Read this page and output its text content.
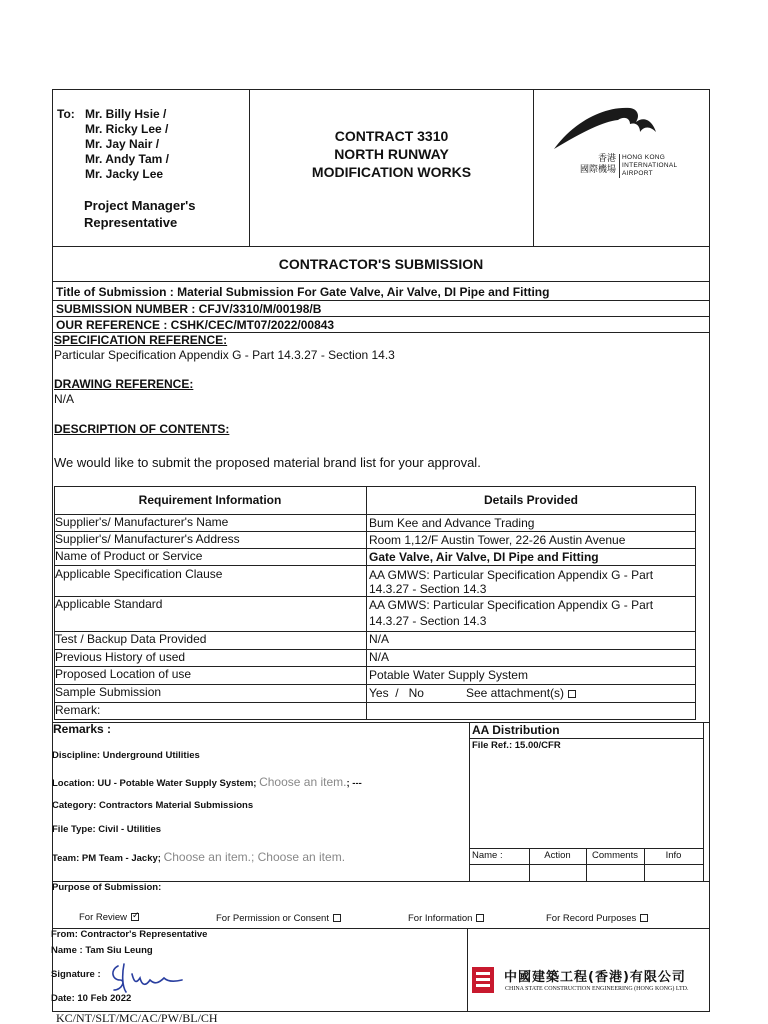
To: Mr. Billy Hsie /
Mr. Ricky Lee /
Mr. Jay Nair /
Mr. Andy Tam /
Mr. Jacky Lee
Project Manager's
Representative
CONTRACT 3310
NORTH RUNWAY
MODIFICATION WORKS
香港
國際機場
HONG KONG
INTERNATIONAL
AIRPORT
CONTRACTOR'S SUBMISSION
Title of Submission : Material Submission For Gate Valve, Air Valve, DI Pipe and Fitting
SUBMISSION NUMBER : CFJV/3310/M/00198/B
OUR REFERENCE : CSHK/CEC/MT07/2022/00843
SPECIFICATION REFERENCE:
Particular Specification Appendix G - Part 14.3.27 - Section 14.3
DRAWING REFERENCE:
N/A
DESCRIPTION OF CONTENTS:
We would like to submit the proposed material brand list for your approval.
Requirement Information	Details Provided
Supplier's/ Manufacturer's Name	Bum Kee and Advance Trading
Supplier's/ Manufacturer's Address	Room 1,12/F Austin Tower, 22-26 Austin Avenue
Name of Product or Service	Gate Valve, Air Valve, DI Pipe and Fitting
Applicable Specification Clause	AA GMWS: Particular Specification Appendix G - Part
14.3.27 - Section 14.3
Applicable Standard	AA GMWS: Particular Specification Appendix G - Part
14.3.27 - Section 14.3
Test / Backup Data Provided	N/A
Previous History of used	N/A
Proposed Location of use	Potable Water Supply System
Sample Submission	Yes  /   No	See attachment(s)
Remark:
Remarks :
Discipline: Underground Utilities
Location: UU - Potable Water Supply System; Choose an item.; ---
Category: Contractors Material Submissions
File Type: Civil - Utilities
Team: PM Team - Jacky; Choose an item.; Choose an item.
AA Distribution
File Ref.: 15.00/CFR
Name :	Action	Comments	Info
Purpose of Submission:
For Review✓	For Permission or Consent	For Information	For Record Purposes
From: Contractor's Representative
Name : Tam Siu Leung
Signature :
Date: 10 Feb 2022
中國建築工程(香港)有限公司
CHINA STATE CONSTRUCTION ENGINEERING (HONG KONG) LTD.
KC/NT/SLT/MC/AC/PW/BL/CH
